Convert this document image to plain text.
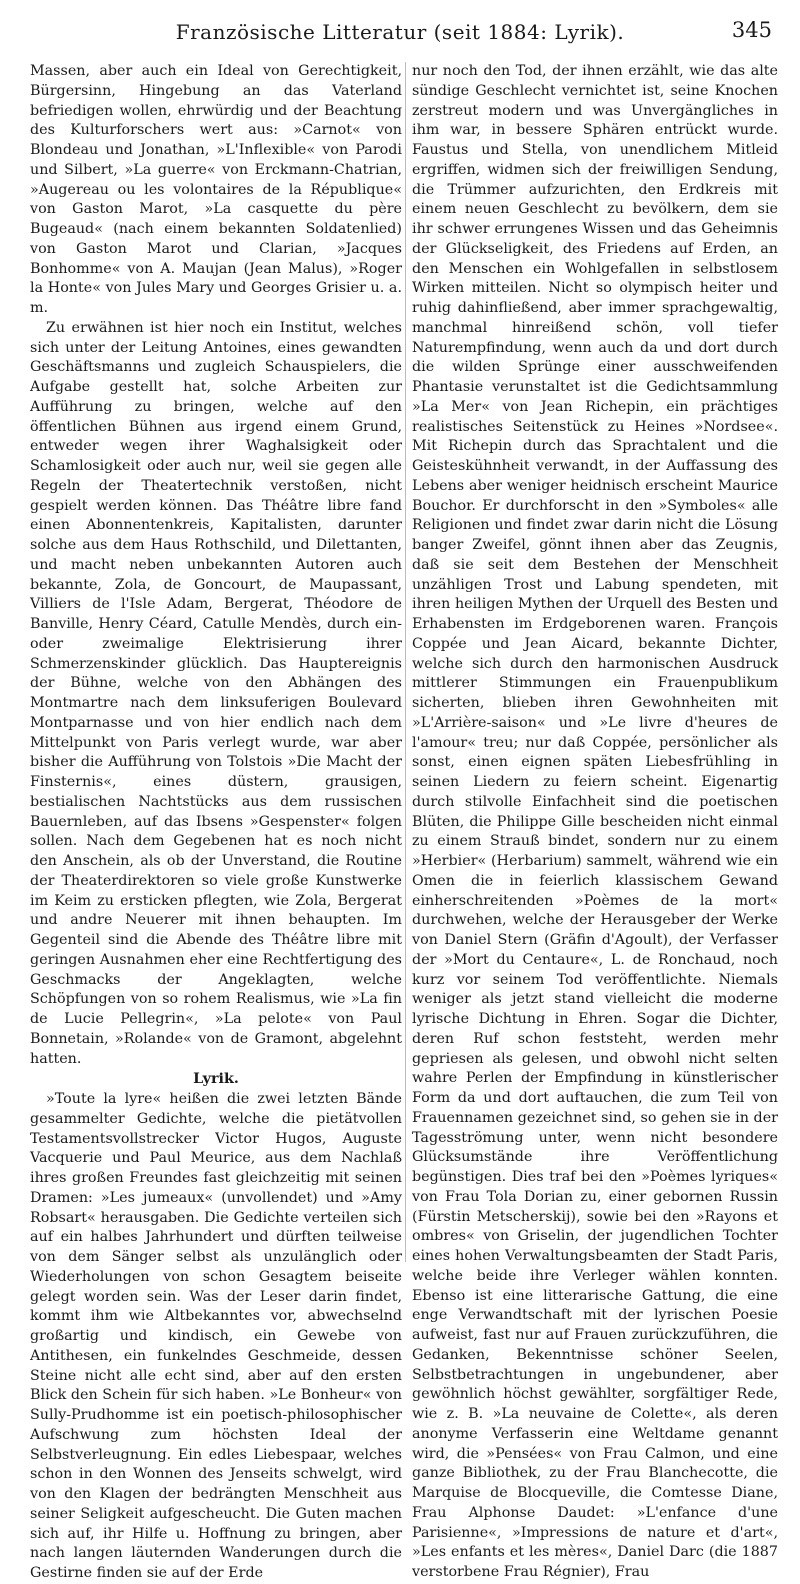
Französische Litteratur (seit 1884: Lyrik).	345

Massen, aber auch ein Ideal von Gerechtigkeit, Bürgersinn, Hingebung an das Vaterland befriedigen wollen, ehrwürdig und der Beachtung des Kulturforschers wert aus: »Carnot« von Blondeau und Jonathan, »L'Inflexible« von Parodi und Silbert, »La guerre« von Erckmann-Chatrian, »Augereau ou les volontaires de la République« von Gaston Marot, »La casquette du père Bugeaud« (nach einem bekannten Soldatenlied) von Gaston Marot und Clarian, »Jacques Bonhomme« von A. Maujan (Jean Malus), »Roger la Honte« von Jules Mary und Georges Grisier u. a. m.

Zu erwähnen ist hier noch ein Institut, welches sich unter der Leitung Antoines, eines gewandten Geschäftsmanns und zugleich Schauspielers, die Aufgabe gestellt hat, solche Arbeiten zur Aufführung zu bringen, welche auf den öffentlichen Bühnen aus irgend einem Grund, entweder wegen ihrer Waghalsigkeit oder Schamlosigkeit oder auch nur, weil sie gegen alle Regeln der Theatertechnik verstoßen, nicht gespielt werden können. Das Théâtre libre fand einen Abonnentenkreis, Kapitalisten, darunter solche aus dem Haus Rothschild, und Dilettanten, und macht neben unbekannten Autoren auch bekannte, Zola, de Goncourt, de Maupassant, Villiers de l'Isle Adam, Bergerat, Théodore de Banville, Henry Céard, Catulle Mendès, durch ein- oder zweimalige Elektrisierung ihrer Schmerzenskinder glücklich. Das Hauptereignis der Bühne, welche von den Abhängen des Montmartre nach dem linksuferigen Boulevard Montparnasse und von hier endlich nach dem Mittelpunkt von Paris verlegt wurde, war aber bisher die Aufführung von Tolstois »Die Macht der Finsternis«, eines düstern, grausigen, bestialischen Nachtstücks aus dem russischen Bauernleben, auf das Ibsens »Gespenster« folgen sollen. Nach dem Gegebenen hat es noch nicht den Anschein, als ob der Unverstand, die Routine der Theaterdirektoren so viele große Kunstwerke im Keim zu ersticken pflegten, wie Zola, Bergerat und andre Neuerer mit ihnen behaupten. Im Gegenteil sind die Abende des Théâtre libre mit geringen Ausnahmen eher eine Rechtfertigung des Geschmacks der Angeklagten, welche Schöpfungen von so rohem Realismus, wie »La fin de Lucie Pellegrin«, »La pelote« von Paul Bonnetain, »Rolande« von de Gramont, abgelehnt hatten.

Lyrik.

»Toute la lyre« heißen die zwei letzten Bände gesammelter Gedichte, welche die pietätvollen Testamentsvollstrecker Victor Hugos, Auguste Vacquerie und Paul Meurice, aus dem Nachlaß ihres großen Freundes fast gleichzeitig mit seinen Dramen: »Les jumeaux« (unvollendet) und »Amy Robsart« herausgaben. Die Gedichte verteilen sich auf ein halbes Jahrhundert und dürften teilweise von dem Sänger selbst als unzulänglich oder Wiederholungen von schon Gesagtem beiseite gelegt worden sein. Was der Leser darin findet, kommt ihm wie Altbekanntes vor, abwechselnd großartig und kindisch, ein Gewebe von Antithesen, ein funkelndes Geschmeide, dessen Steine nicht alle echt sind, aber auf den ersten Blick den Schein für sich haben. »Le Bonheur« von Sully-Prudhomme ist ein poetisch-philosophischer Aufschwung zum höchsten Ideal der Selbstverleugnung. Ein edles Liebespaar, welches schon in den Wonnen des Jenseits schwelgt, wird von den Klagen der bedrängten Menschheit aus seiner Seligkeit aufgescheucht. Die Guten machen sich auf, ihr Hilfe u. Hoffnung zu bringen, aber nach langen läuternden Wanderungen durch die Gestirne finden sie auf der Erde

nur noch den Tod, der ihnen erzählt, wie das alte sündige Geschlecht vernichtet ist, seine Knochen zerstreut modern und was Unvergängliches in ihm war, in bessere Sphären entrückt wurde. Faustus und Stella, von unendlichem Mitleid ergriffen, widmen sich der freiwilligen Sendung, die Trümmer aufzurichten, den Erdkreis mit einem neuen Geschlecht zu bevölkern, dem sie ihr schwer errungenes Wissen und das Geheimnis der Glückseligkeit, des Friedens auf Erden, an den Menschen ein Wohlgefallen in selbstlosem Wirken mitteilen. Nicht so olympisch heiter und ruhig dahinfließend, aber immer sprachgewaltig, manchmal hinreißend schön, voll tiefer Naturempfindung, wenn auch da und dort durch die wilden Sprünge einer ausschweifenden Phantasie verunstaltet ist die Gedichtsammlung »La Mer« von Jean Richepin, ein prächtiges realistisches Seitenstück zu Heines »Nordsee«. Mit Richepin durch das Sprachtalent und die Geisteskühnheit verwandt, in der Auffassung des Lebens aber weniger heidnisch erscheint Maurice Bouchor. Er durchforscht in den »Symboles« alle Religionen und findet zwar darin nicht die Lösung banger Zweifel, gönnt ihnen aber das Zeugnis, daß sie seit dem Bestehen der Menschheit unzähligen Trost und Labung spendeten, mit ihren heiligen Mythen der Urquell des Besten und Erhabensten im Erdgeborenen waren. François Coppée und Jean Aicard, bekannte Dichter, welche sich durch den harmonischen Ausdruck mittlerer Stimmungen ein Frauenpublikum sicherten, blieben ihren Gewohnheiten mit »L'Arrière-saison« und »Le livre d'heures de l'amour« treu; nur daß Coppée, persönlicher als sonst, einen eignen späten Liebesfrühling in seinen Liedern zu feiern scheint. Eigenartig durch stilvolle Einfachheit sind die poetischen Blüten, die Philippe Gille bescheiden nicht einmal zu einem Strauß bindet, sondern nur zu einem »Herbier« (Herbarium) sammelt, während wie ein Omen die in feierlich klassischem Gewand einherschreitenden »Poèmes de la mort« durchwehen, welche der Herausgeber der Werke von Daniel Stern (Gräfin d'Agoult), der Verfasser der »Mort du Centaure«, L. de Ronchaud, noch kurz vor seinem Tod veröffentlichte. Niemals weniger als jetzt stand vielleicht die moderne lyrische Dichtung in Ehren. Sogar die Dichter, deren Ruf schon feststeht, werden mehr gepriesen als gelesen, und obwohl nicht selten wahre Perlen der Empfindung in künstlerischer Form da und dort auftauchen, die zum Teil von Frauennamen gezeichnet sind, so gehen sie in der Tagesströmung unter, wenn nicht besondere Glücksumstände ihre Veröffentlichung begünstigen. Dies traf bei den »Poèmes lyriques« von Frau Tola Dorian zu, einer gebornen Russin (Fürstin Metscherskij), sowie bei den »Rayons et ombres« von Griselin, der jugendlichen Tochter eines hohen Verwaltungsbeamten der Stadt Paris, welche beide ihre Verleger wählen konnten. Ebenso ist eine litterarische Gattung, die eine enge Verwandtschaft mit der lyrischen Poesie aufweist, fast nur auf Frauen zurückzuführen, die Gedanken, Bekenntnisse schöner Seelen, Selbstbetrachtungen in ungebundener, aber gewöhnlich höchst gewählter, sorgfältiger Rede, wie z. B. »La neuvaine de Colette«, als deren anonyme Verfasserin eine Weltdame genannt wird, die »Pensées« von Frau Calmon, und eine ganze Bibliothek, zu der Frau Blanchecotte, die Marquise de Blocqueville, die Comtesse Diane, Frau Alphonse Daudet: »L'enfance d'une Parisienne«, »Impressions de nature et d'art«, »Les enfants et les mères«, Daniel Darc (die 1887 verstorbene Frau Régnier), Frau
